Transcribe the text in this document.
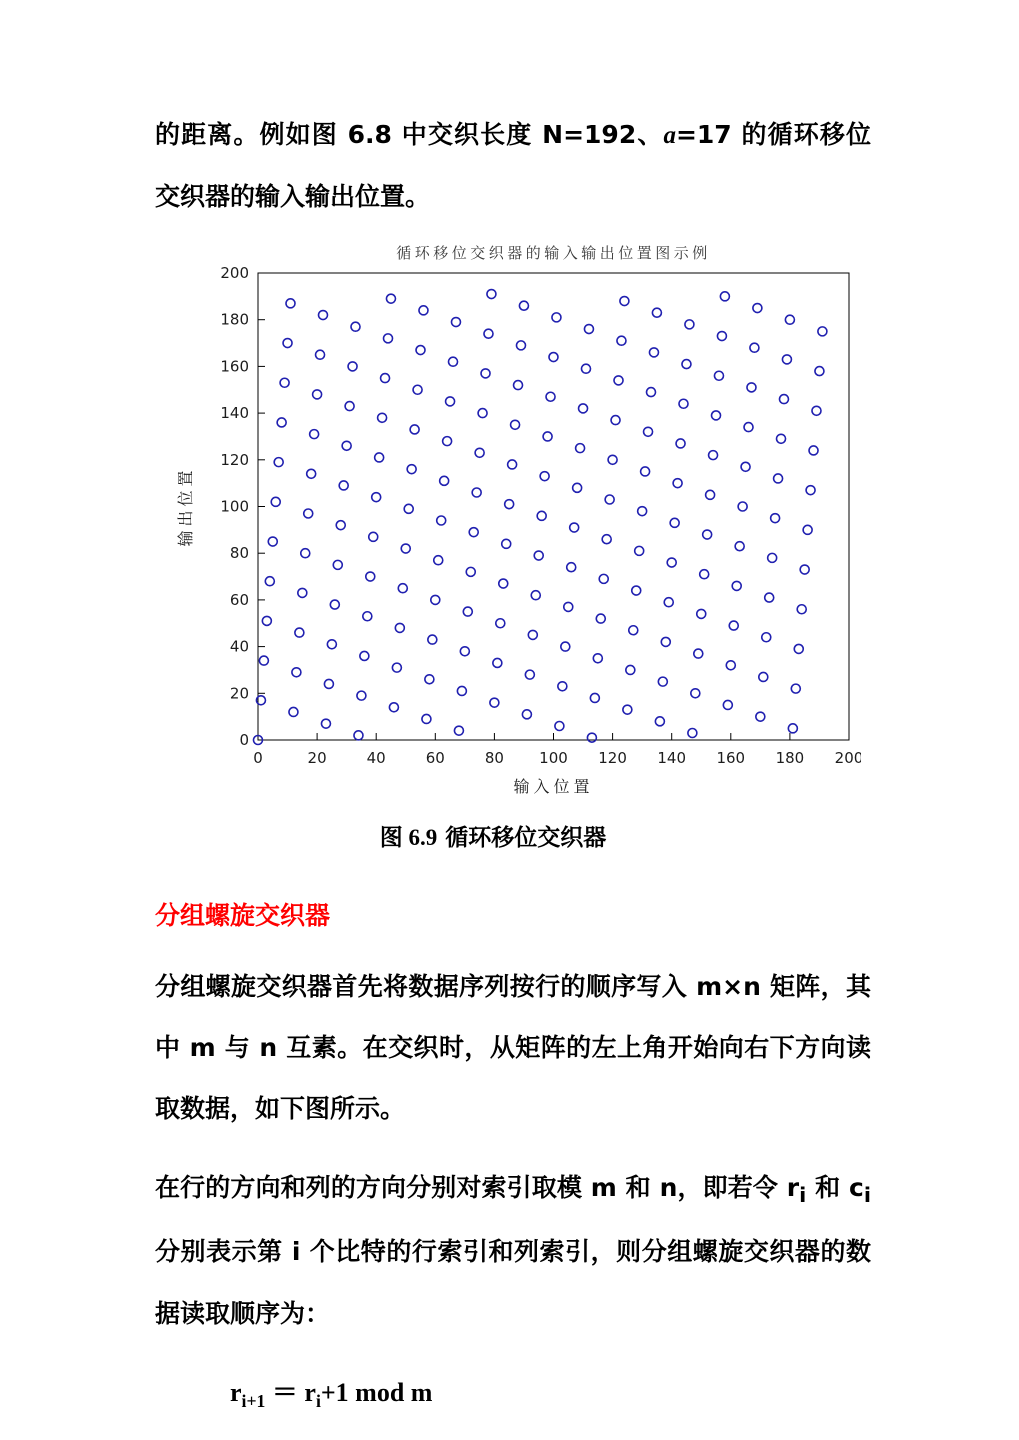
的距离。例如图 6.8 中交织长度 N=192、a=17 的循环移位交织器的输入输出位置。

循环移位交织器的输入输出位置图示例
0	20	40	60	80 100 120 140 160 180 200
0
20
40
60
80
100
120
140
160
180
200
输入位置
输出位置

图 6.9 循环移位交织器

分组螺旋交织器

分组螺旋交织器首先将数据序列按行的顺序写入 m×n 矩阵，其中 m 与 n 互素。在交织时，从矩阵的左上角开始向右下方向读取数据，如下图所示。

在行的方向和列的方向分别对索引取模 m 和 n，即若令 $r_i$ 和 $c_i$ 分别表示第 i 个比特的行索引和列索引，则分组螺旋交织器的数据读取顺序为：

$r_{i+1} = r_i+1$ mod m
